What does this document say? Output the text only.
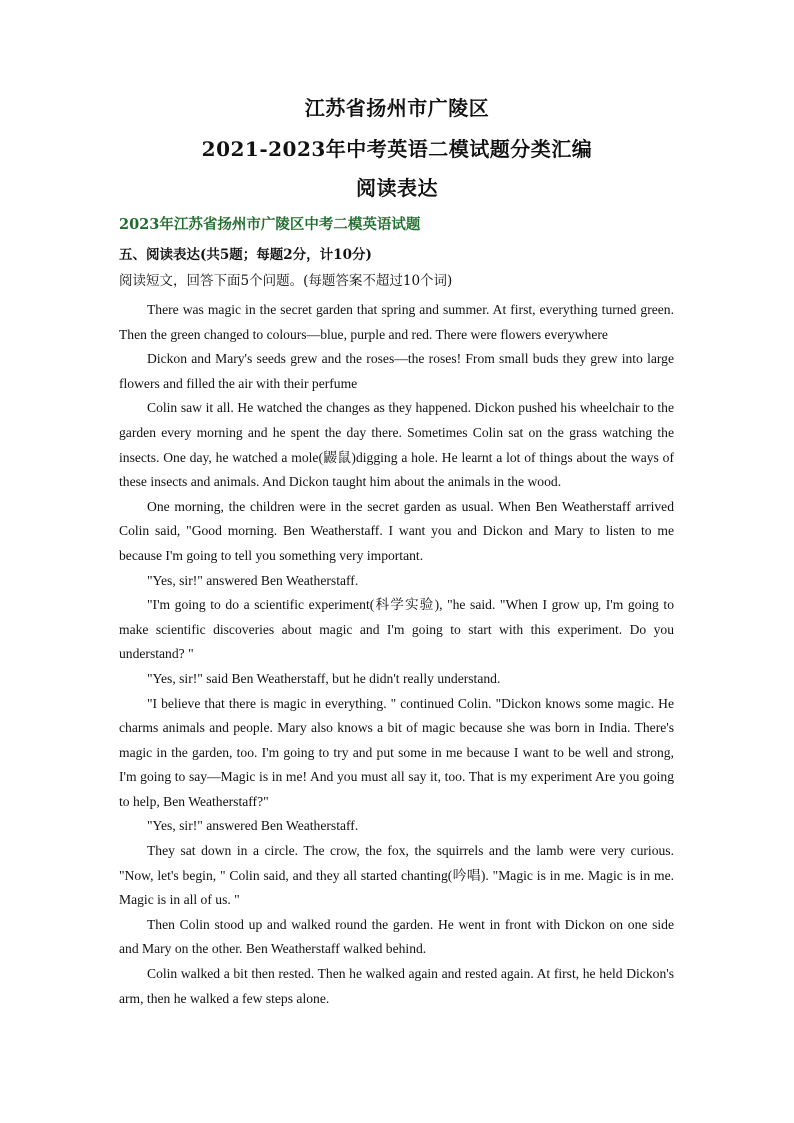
江苏省扬州市广陵区
2021-2023年中考英语二模试题分类汇编
阅读表达
2023年江苏省扬州市广陵区中考二模英语试题
五、阅读表达(共5题；每题2分，计10分)
阅读短文，回答下面5个问题。(每题答案不超过10个词)

There was magic in the secret garden that spring and summer. At first, everything turned green. Then the green changed to colours—blue, purple and red. There were flowers everywhere

Dickon and Mary's seeds grew and the roses—the roses! From small buds they grew into large flowers and filled the air with their perfume

Colin saw it all. He watched the changes as they happened. Dickon pushed his wheelchair to the garden every morning and he spent the day there. Sometimes Colin sat on the grass watching the insects. One day, he watched a mole(鼹鼠)digging a hole. He learnt a lot of things about the ways of these insects and animals. And Dickon taught him about the animals in the wood.

One morning, the children were in the secret garden as usual. When Ben Weatherstaff arrived Colin said, "Good morning. Ben Weatherstaff. I want you and Dickon and Mary to listen to me because I'm going to tell you something very important.

"Yes, sir!" answered Ben Weatherstaff.

"I'm going to do a scientific experiment(科学实验), "he said. "When I grow up, I'm going to make scientific discoveries about magic and I'm going to start with this experiment. Do you understand? "

"Yes, sir!" said Ben Weatherstaff, but he didn't really understand.

"I believe that there is magic in everything. " continued Colin. "Dickon knows some magic. He charms animals and people. Mary also knows a bit of magic because she was born in India. There's magic in the garden, too. I'm going to try and put some in me because I want to be well and strong, I'm going to say—Magic is in me! And you must all say it, too. That is my experiment Are you going to help, Ben Weatherstaff?"

"Yes, sir!" answered Ben Weatherstaff.

They sat down in a circle. The crow, the fox, the squirrels and the lamb were very curious. "Now, let's begin, " Colin said, and they all started chanting(吟唱). "Magic is in me. Magic is in me. Magic is in all of us. "

Then Colin stood up and walked round the garden. He went in front with Dickon on one side and Mary on the other. Ben Weatherstaff walked behind.

Colin walked a bit then rested. Then he walked again and rested again. At first, he held Dickon's arm, then he walked a few steps alone.
